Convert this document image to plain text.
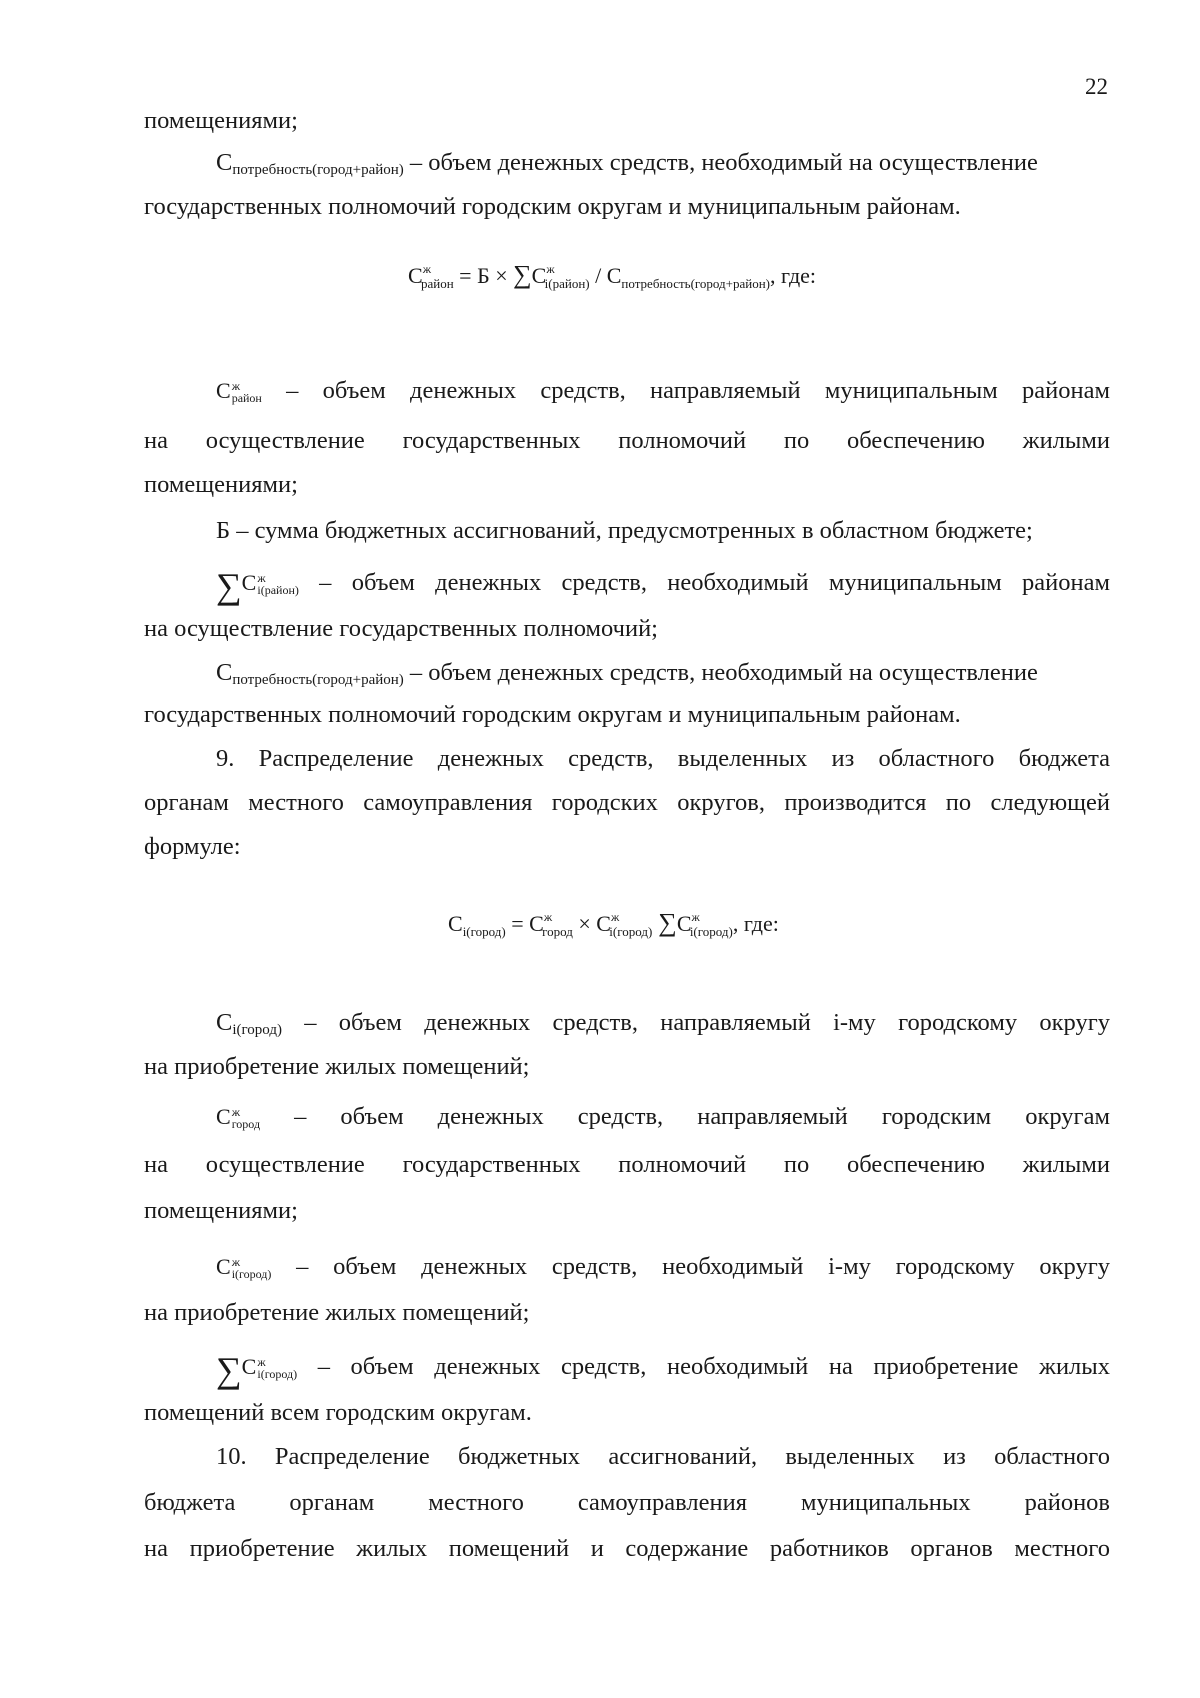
22
помещениями;
Спотребность(город+район) – объем денежных средств, необходимый на осуществление
государственных полномочий городским округам и муниципальным районам.
$С^ж_{район} = Б \times \sum С^ж_{i(район)} / С_{потребность(город+район)}$, где:
С ж
район – объем денежных средств, направляемый муниципальным районам
на осуществление государственных полномочий по обеспечению жилыми
помещениями;
Б – сумма бюджетных ассигнований, предусмотренных в областном бюджете;
∑С ж
i(район) – объем денежных средств, необходимый муниципальным районам
на осуществление государственных полномочий;
Спотребность(город+район) – объем денежных средств, необходимый на осуществление
государственных полномочий городским округам и муниципальным районам.
9. Распределение денежных средств, выделенных из областного бюджета
органам местного самоуправления городских округов, производится по следующей
формуле:
$С_{i(город)} = С^ж_{город} \times С^ж_{i(город)}$ $\sum С^ж_{i(город)}$, где:
Сi(город) – объем денежных средств, направляемый i-му городскому округу
на приобретение жилых помещений;
С ж
город – объем денежных средств, направляемый городским округам
на осуществление государственных полномочий по обеспечению жилыми
помещениями;
С ж
i(город) – объем денежных средств, необходимый i-му городскому округу
на приобретение жилых помещений;
∑С ж
i(город) – объем денежных средств, необходимый на приобретение жилых
помещений всем городским округам.
10. Распределение бюджетных ассигнований, выделенных из областного
бюджета органам местного самоуправления муниципальных районов
на приобретение жилых помещений и содержание работников органов местного
